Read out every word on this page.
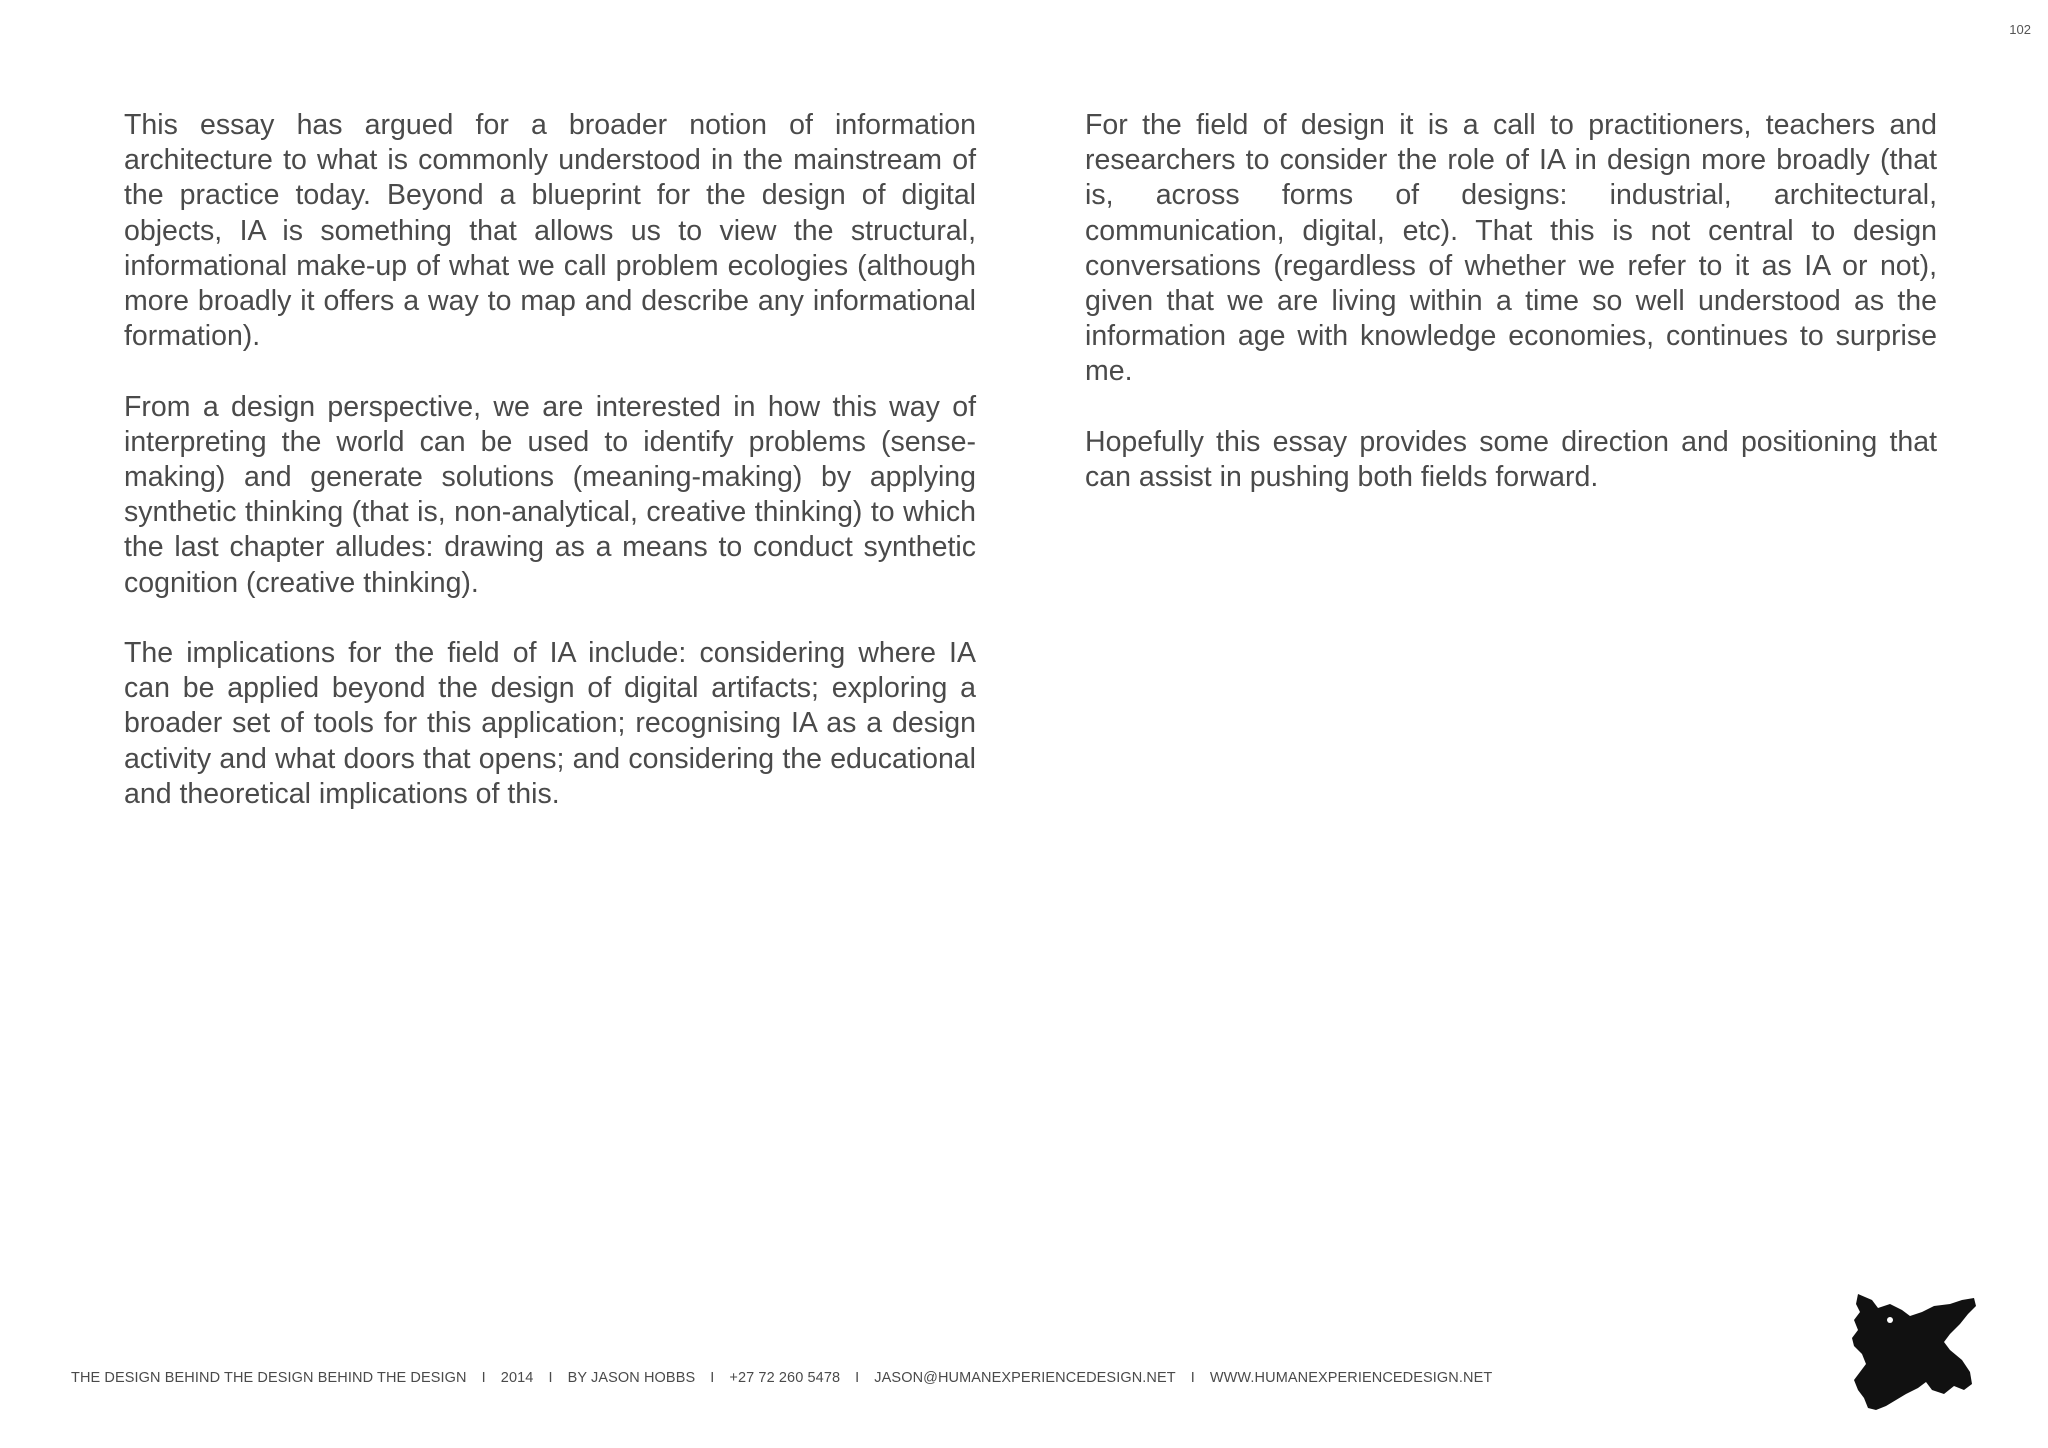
102

This essay has argued for a broader notion of information architecture to what is commonly understood in the mainstream of the practice today. Beyond a blueprint for the design of digital objects, IA is something that allows us to view the structural, informational make-up of what we call problem ecologies (although more broadly it offers a way to map and describe any informational formation).

From a design perspective, we are interested in how this way of interpreting the world can be used to identify problems (sense-making) and generate solutions (meaning-making) by applying synthetic thinking (that is, non-analytical, creative thinking) to which the last chapter alludes: drawing as a means to conduct synthetic cognition (creative thinking).

The implications for the field of IA include: considering where IA can be applied beyond the design of digital artifacts; exploring a broader set of tools for this application; recognising IA as a design activity and what doors that opens; and considering the educational and theoretical implications of this.

For the field of design it is a call to practitioners, teachers and researchers to consider the role of IA in design more broadly (that is, across forms of designs: industrial, architectural, communication, digital, etc). That this is not central to design conversations (regardless of whether we refer to it as IA or not), given that we are living within a time so well understood as the information age with knowledge economies, continues to surprise me.

Hopefully this essay provides some direction and positioning that can assist in pushing both fields forward.

THE DESIGN BEHIND THE DESIGN BEHIND THE DESIGN I 2014 I BY JASON HOBBS I +27 72 260 5478 I JASON@HUMANEXPERIENCEDESIGN.NET I WWW.HUMANEXPERIENCEDESIGN.NET
